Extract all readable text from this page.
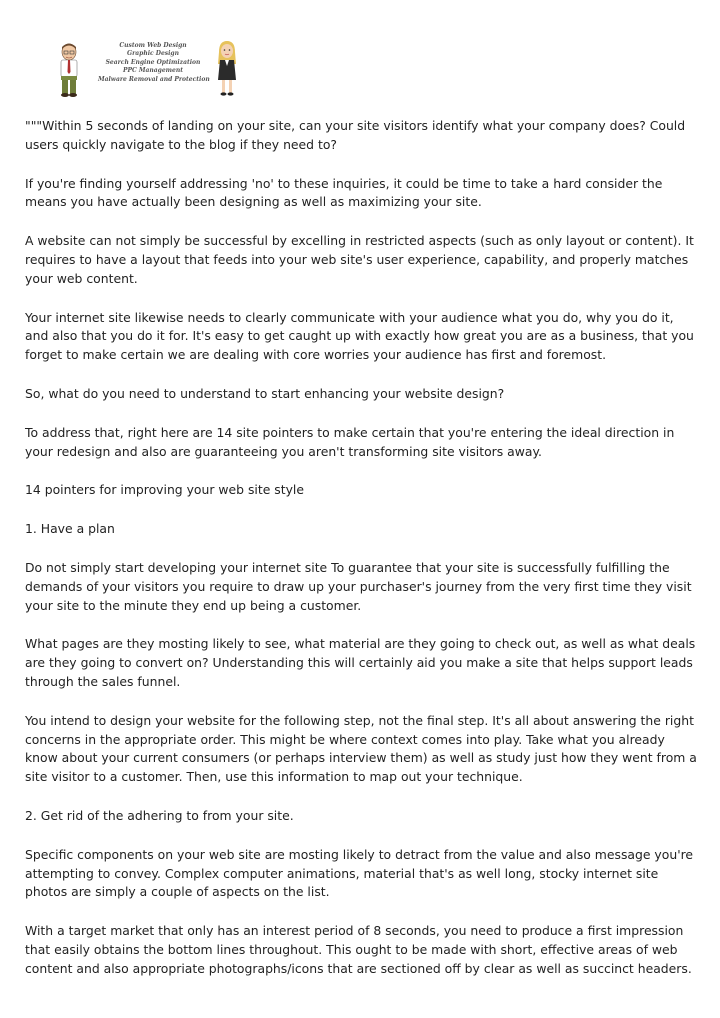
Custom Web Design
Graphic Design
Search Engine Optimization
PPC Management
Malware Removal and Protection

"""Within 5 seconds of landing on your site, can your site visitors identify what your company does? Could users quickly navigate to the blog if they need to?

If you're finding yourself addressing 'no' to these inquiries, it could be time to take a hard consider the means you have actually been designing as well as maximizing your site.

A website can not simply be successful by excelling in restricted aspects (such as only layout or content). It requires to have a layout that feeds into your web site's user experience, capability, and properly matches your web content.

Your internet site likewise needs to clearly communicate with your audience what you do, why you do it, and also that you do it for. It's easy to get caught up with exactly how great you are as a business, that you forget to make certain we are dealing with core worries your audience has first and foremost.

So, what do you need to understand to start enhancing your website design?

To address that, right here are 14 site pointers to make certain that you're entering the ideal direction in your redesign and also are guaranteeing you aren't transforming site visitors away.

14 pointers for improving your web site style

1. Have a plan

Do not simply start developing your internet site To guarantee that your site is successfully fulfilling the demands of your visitors you require to draw up your purchaser's journey from the very first time they visit your site to the minute they end up being a customer.

What pages are they mosting likely to see, what material are they going to check out, as well as what deals are they going to convert on? Understanding this will certainly aid you make a site that helps support leads through the sales funnel.

You intend to design your website for the following step, not the final step. It's all about answering the right concerns in the appropriate order. This might be where context comes into play. Take what you already know about your current consumers (or perhaps interview them) as well as study just how they went from a site visitor to a customer. Then, use this information to map out your technique.

2. Get rid of the adhering to from your site.

Specific components on your web site are mosting likely to detract from the value and also message you're attempting to convey. Complex computer animations, material that's as well long, stocky internet site photos are simply a couple of aspects on the list.

With a target market that only has an interest period of 8 seconds, you need to produce a first impression that easily obtains the bottom lines throughout. This ought to be made with short, effective areas of web content and also appropriate photographs/icons that are sectioned off by clear as well as succinct headers.
